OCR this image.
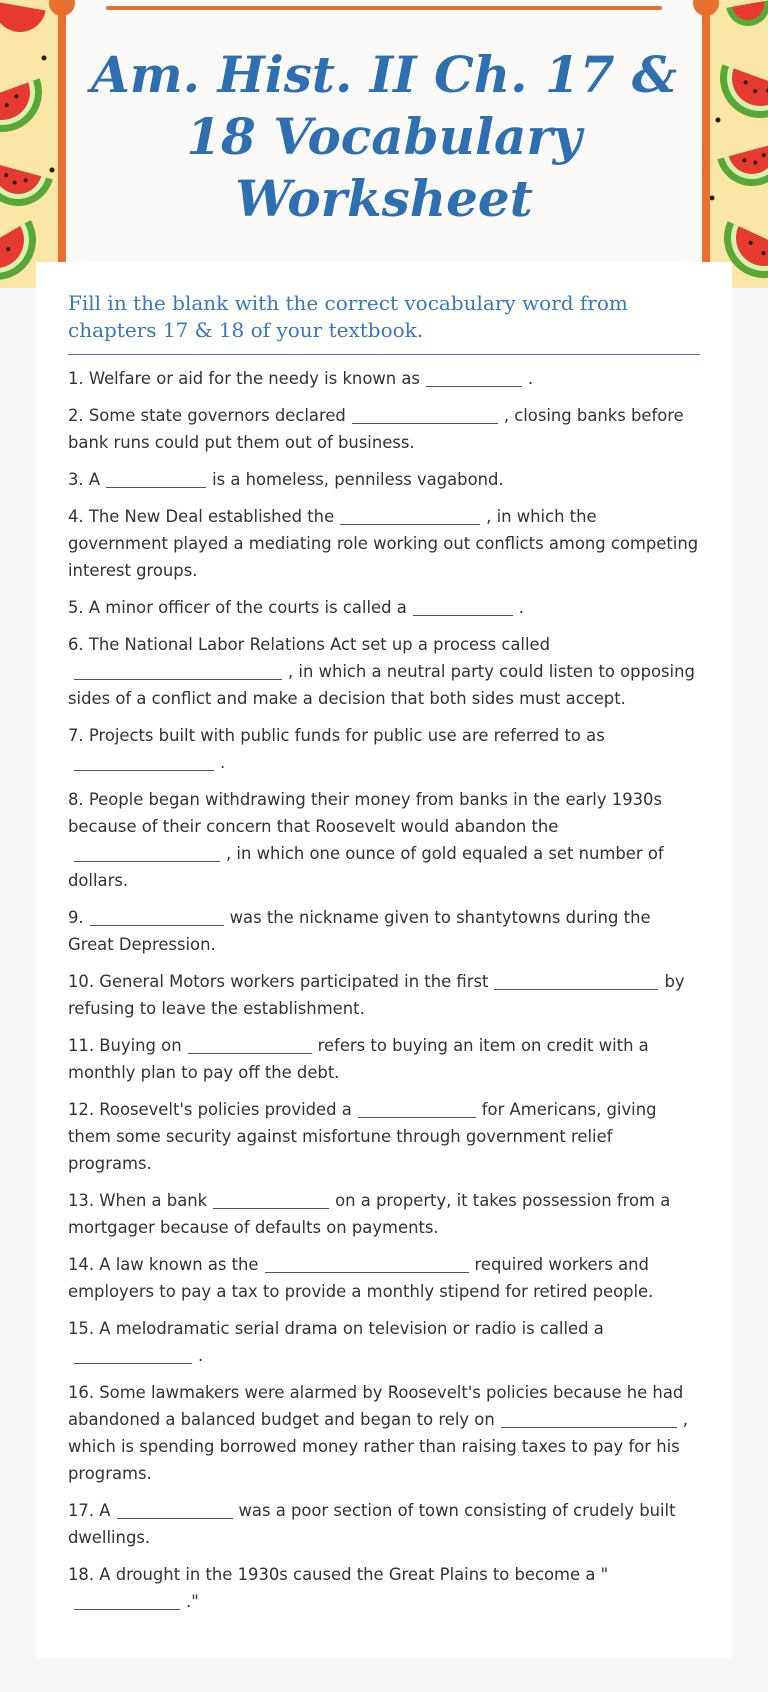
Am. Hist. II Ch. 17 & 18 Vocabulary Worksheet
Fill in the blank with the correct vocabulary word from chapters 17 & 18 of your textbook.
1. Welfare or aid for the needy is known as	.
2. Some state governors declared	, closing banks before bank runs could put them out of business.
3. A	is a homeless, penniless vagabond.
4. The New Deal established the	, in which the government played a mediating role working out conflicts among competing interest groups.
5. A minor officer of the courts is called a	.
6. The National Labor Relations Act set up a process called, in which a neutral party could listen to opposing sides of a conflict and make a decision that both sides must accept.
7. Projects built with public funds for public use are referred to as.
8. People began withdrawing their money from banks in the early 1930s because of their concern that Roosevelt would abandon the, in which one ounce of gold equaled a set number of dollars.
9.	was the nickname given to shantytowns during the Great Depression.
10. General Motors workers participated in the first	by refusing to leave the establishment.
11. Buying on	refers to buying an item on credit with a monthly plan to pay off the debt.
12. Roosevelt's policies provided a	for Americans, giving them some security against misfortune through government relief programs.
13. When a bank	on a property, it takes possession from a mortgager because of defaults on payments.
14. A law known as the	required workers and employers to pay a tax to provide a monthly stipend for retired people.
15. A melodramatic serial drama on television or radio is called a.
16. Some lawmakers were alarmed by Roosevelt's policies because he had abandoned a balanced budget and began to rely on	, which is spending borrowed money rather than raising taxes to pay for his programs.
17. A	was a poor section of town consisting of crudely built dwellings.
18. A drought in the 1930s caused the Great Plains to become a "."
